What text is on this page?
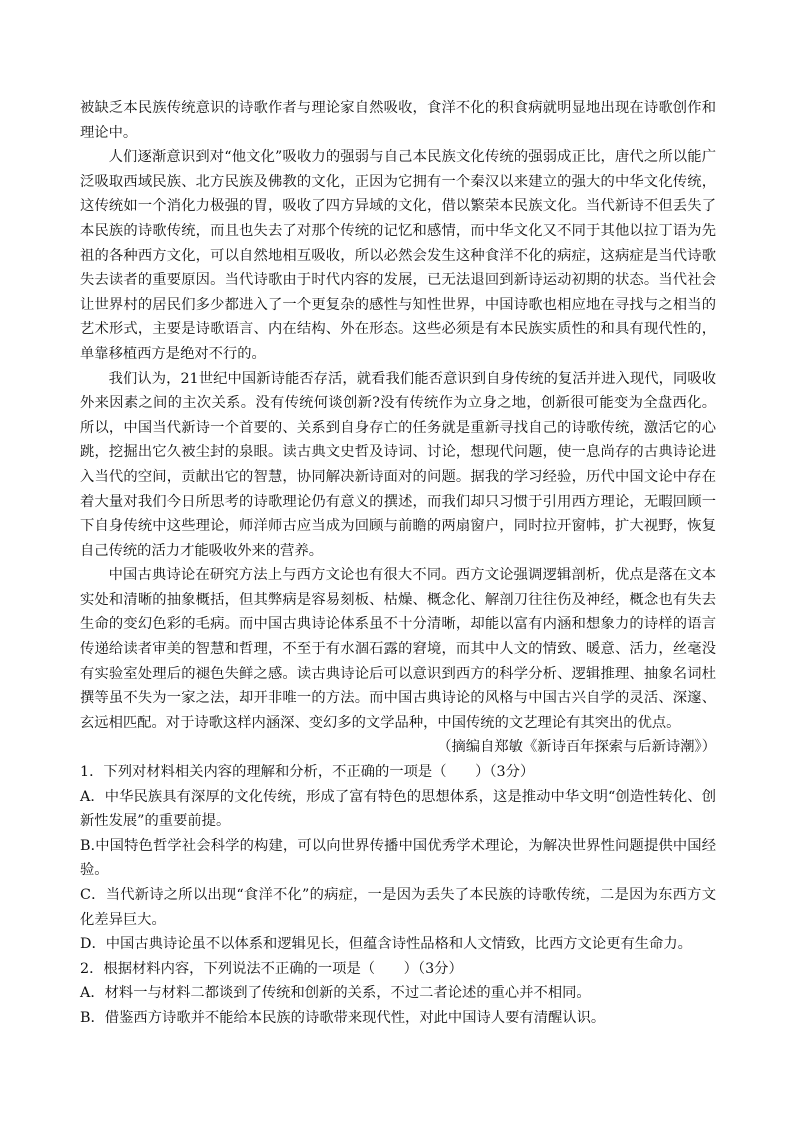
被缺乏本民族传统意识的诗歌作者与理论家自然吸收，食洋不化的积食病就明显地出现在诗歌创作和理论中。

人们逐渐意识到对“他文化”吸收力的强弱与自己本民族文化传统的强弱成正比，唐代之所以能广泛吸取西域民族、北方民族及佛教的文化，正因为它拥有一个秦汉以来建立的强大的中华文化传统，这传统如一个消化力极强的胃，吸收了四方异域的文化，借以繁荣本民族文化。当代新诗不但丢失了本民族的诗歌传统，而且也失去了对那个传统的记忆和感情，而中华文化又不同于其他以拉丁语为先祖的各种西方文化，可以自然地相互吸收，所以必然会发生这种食洋不化的病症，这病症是当代诗歌失去读者的重要原因。当代诗歌由于时代内容的发展，已无法退回到新诗运动初期的状态。当代社会让世界村的居民们多少都进入了一个更复杂的感性与知性世界，中国诗歌也相应地在寻找与之相当的艺术形式，主要是诗歌语言、内在结构、外在形态。这些必须是有本民族实质性的和具有现代性的，单靠移植西方是绝对不行的。

我们认为，21世纪中国新诗能否存活，就看我们能否意识到自身传统的复活并进入现代，同吸收外来因素之间的主次关系。没有传统何谈创新?没有传统作为立身之地，创新很可能变为全盘西化。所以，中国当代新诗一个首要的、关系到自身存亡的任务就是重新寻找自己的诗歌传统，激活它的心跳，挖掘出它久被尘封的泉眼。读古典文史哲及诗词、讨论，想现代问题，使一息尚存的古典诗论进入当代的空间，贡献出它的智慧，协同解决新诗面对的问题。据我的学习经验，历代中国文论中存在着大量对我们今日所思考的诗歌理论仍有意义的撰述，而我们却只习惯于引用西方理论，无暇回顾一下自身传统中这些理论，师洋师古应当成为回顾与前瞻的两扇窗户，同时拉开窗帏，扩大视野，恢复自己传统的活力才能吸收外来的营养。

中国古典诗论在研究方法上与西方文论也有很大不同。西方文论强调逻辑剖析，优点是落在文本实处和清晰的抽象概括，但其弊病是容易刻板、枯燥、概念化、解剖刀往往伤及神经，概念也有失去生命的变幻色彩的毛病。而中国古典诗论体系虽不十分清晰，却能以富有内涵和想象力的诗样的语言传递给读者审美的智慧和哲理，不至于有水涸石露的窘境，而其中人文的情致、暖意、活力，丝毫没有实验室处理后的褪色失鲜之感。读古典诗论后可以意识到西方的科学分析、逻辑推理、抽象名词杜撰等虽不失为一家之法，却开非唯一的方法。而中国古典诗论的风格与中国古兴自学的灵活、深邃、玄远相匹配。对于诗歌这样内涵深、变幻多的文学品种，中国传统的文艺理论有其突出的优点。

（摘编自郑敏《新诗百年探索与后新诗潮》）

1．下列对材料相关内容的理解和分析，不正确的一项是（　　）（3分）

A．中华民族具有深厚的文化传统，形成了富有特色的思想体系，这是推动中华文明“创造性转化、创新性发展”的重要前提。

B.中国特色哲学社会科学的构建，可以向世界传播中国优秀学术理论，为解决世界性问题提供中国经验。

C．当代新诗之所以出现“食洋不化”的病症，一是因为丢失了本民族的诗歌传统，二是因为东西方文化差异巨大。

D．中国古典诗论虽不以体系和逻辑见长，但蕴含诗性品格和人文情致，比西方文论更有生命力。

2．根据材料内容，下列说法不正确的一项是（　　）（3分）

A．材料一与材料二都谈到了传统和创新的关系，不过二者论述的重心并不相同。

B．借鉴西方诗歌并不能给本民族的诗歌带来现代性，对此中国诗人要有清醒认识。
